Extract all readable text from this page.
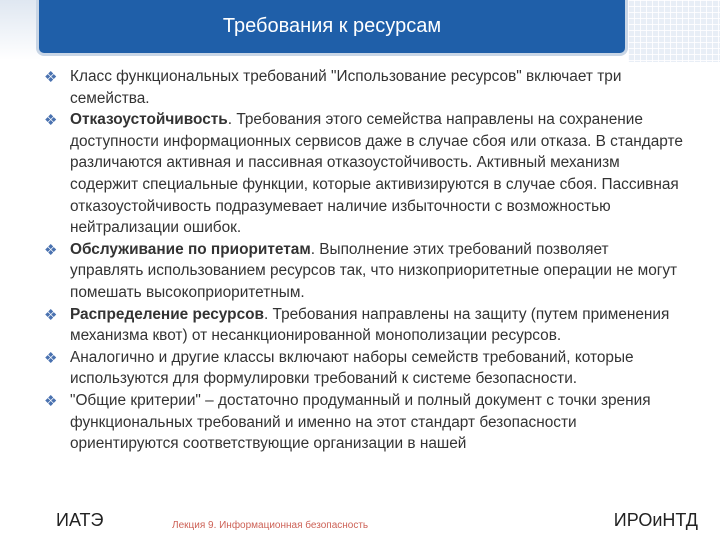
Требования к ресурсам
❖ Класс функциональных требований "Использование ресурсов" включает три семейства.
❖ Отказоустойчивость. Требования этого семейства направлены на сохранение доступности информационных сервисов даже в случае сбоя или отказа. В стандарте различаются активная и пассивная отказоустойчивость. Активный механизм содержит специальные функции, которые активизируются в случае сбоя. Пассивная отказоустойчивость подразумевает наличие избыточности с возможностью нейтрализации ошибок.
❖ Обслуживание по приоритетам. Выполнение этих требований позволяет управлять использованием ресурсов так, что низкоприоритетные операции не могут помешать высокоприоритетным.
❖ Распределение ресурсов. Требования направлены на защиту (путем применения механизма квот) от несанкционированной монополизации ресурсов.
❖ Аналогично и другие классы включают наборы семейств требований, которые используются для формулировки требований к системе безопасности.
❖ "Общие критерии" – достаточно продуманный и полный документ с точки зрения функциональных требований и именно на этот стандарт безопасности ориентируются соответствующие организации в нашей
ИАТЭ	Лекция 9. Информационная безопасность	ИРОиНТД
